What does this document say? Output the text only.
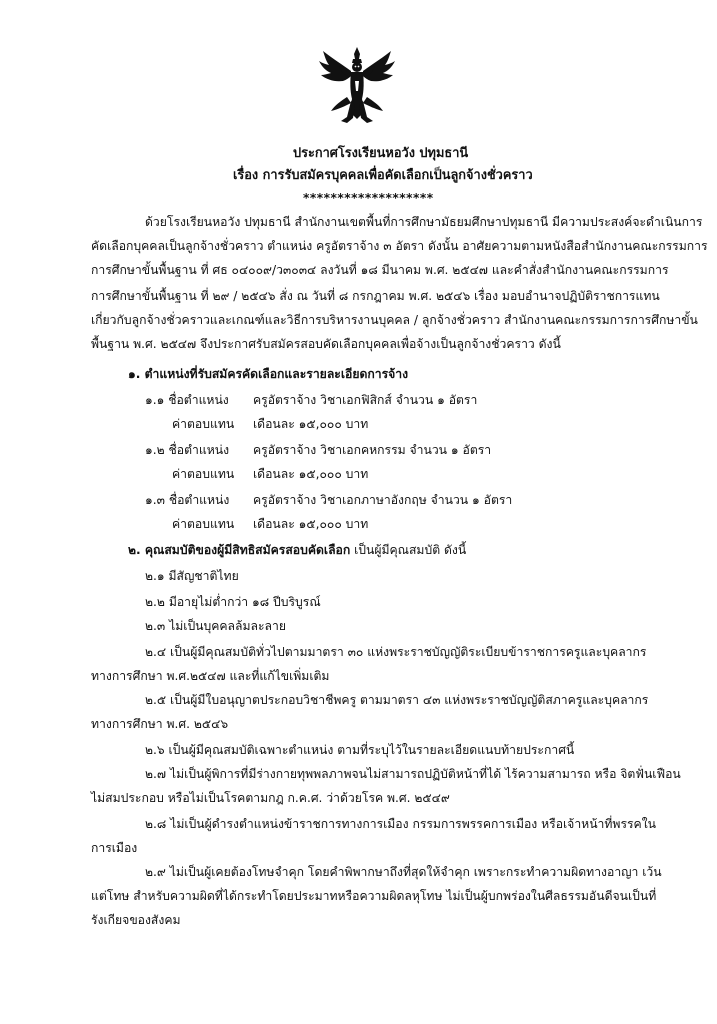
ประกาศโรงเรียนหอวัง ปทุมธานี
เรื่อง การรับสมัครบุคคลเพื่อคัดเลือกเป็นลูกจ้างชั่วคราว
*******************
ด้วยโรงเรียนหอวัง ปทุมธานี สำนักงานเขตพื้นที่การศึกษามัธยมศึกษาปทุมธานี มีความประสงค์จะดำเนินการ
คัดเลือกบุคคลเป็นลูกจ้างชั่วคราว ตำแหน่ง ครูอัตราจ้าง ๓ อัตรา ดังนั้น อาศัยความตามหนังสือสำนักงานคณะกรรมการ
การศึกษาขั้นพื้นฐาน ที่ ศธ ๐๔๐๐๙/ว๓๐๓๔ ลงวันที่ ๑๘ มีนาคม พ.ศ. ๒๕๔๗ และคำสั่งสำนักงานคณะกรรมการ
การศึกษาขั้นพื้นฐาน ที่ ๒๙ / ๒๕๔๖ สั่ง ณ วันที่ ๘ กรกฎาคม พ.ศ. ๒๕๔๖ เรื่อง มอบอำนาจปฏิบัติราชการแทน
เกี่ยวกับลูกจ้างชั่วคราวและเกณฑ์และวิธีการบริหารงานบุคคล / ลูกจ้างชั่วคราว สำนักงานคณะกรรมการการศึกษาขั้น
พื้นฐาน พ.ศ. ๒๕๔๗ จึงประกาศรับสมัครสอบคัดเลือกบุคคลเพื่อจ้างเป็นลูกจ้างชั่วคราว ดังนี้
๑. ตำแหน่งที่รับสมัครคัดเลือกและรายละเอียดการจ้าง
๑.๑ ชื่อตำแหน่ง ครูอัตราจ้าง วิชาเอกฟิสิกส์ จำนวน ๑ อัตรา
ค่าตอบแทน เดือนละ ๑๕,๐๐๐ บาท
๑.๒ ชื่อตำแหน่ง ครูอัตราจ้าง วิชาเอกคหกรรม จำนวน ๑ อัตรา
ค่าตอบแทน เดือนละ ๑๕,๐๐๐ บาท
๑.๓ ชื่อตำแหน่ง ครูอัตราจ้าง วิชาเอกภาษาอังกฤษ จำนวน ๑ อัตรา
ค่าตอบแทน เดือนละ ๑๕,๐๐๐ บาท
๒. คุณสมบัติของผู้มีสิทธิสมัครสอบคัดเลือก เป็นผู้มีคุณสมบัติ ดังนี้
๒.๑ มีสัญชาติไทย
๒.๒ มีอายุไม่ต่ำกว่า ๑๘ ปีบริบูรณ์
๒.๓ ไม่เป็นบุคคลล้มละลาย
๒.๔ เป็นผู้มีคุณสมบัติทั่วไปตามมาตรา ๓๐ แห่งพระราชบัญญัติระเบียบข้าราชการครูและบุคลากร
ทางการศึกษา พ.ศ.๒๕๔๗ และที่แก้ไขเพิ่มเติม
๒.๕ เป็นผู้มีใบอนุญาตประกอบวิชาชีพครู ตามมาตรา ๔๓ แห่งพระราชบัญญัติสภาครูและบุคลากร
ทางการศึกษา พ.ศ. ๒๕๔๖
๒.๖ เป็นผู้มีคุณสมบัติเฉพาะตำแหน่ง ตามที่ระบุไว้ในรายละเอียดแนบท้ายประกาศนี้
๒.๗ ไม่เป็นผู้พิการที่มีร่างกายทุพพลภาพจนไม่สามารถปฏิบัติหน้าที่ได้ ไร้ความสามารถ หรือ จิตฟั่นเฟือน
ไม่สมประกอบ หรือไม่เป็นโรคตามกฎ ก.ค.ศ. ว่าด้วยโรค พ.ศ. ๒๕๔๙
๒.๘ ไม่เป็นผู้ดำรงตำแหน่งข้าราชการทางการเมือง กรรมการพรรคการเมือง หรือเจ้าหน้าที่พรรคใน
การเมือง
๒.๙ ไม่เป็นผู้เคยต้องโทษจำคุก โดยคำพิพากษาถึงที่สุดให้จำคุก เพราะกระทำความผิดทางอาญา เว้น
แต่โทษ สำหรับความผิดที่ได้กระทำโดยประมาทหรือความผิดลหุโทษ ไม่เป็นผู้บกพร่องในศีลธรรมอันดีจนเป็นที่
รังเกียจของสังคม
